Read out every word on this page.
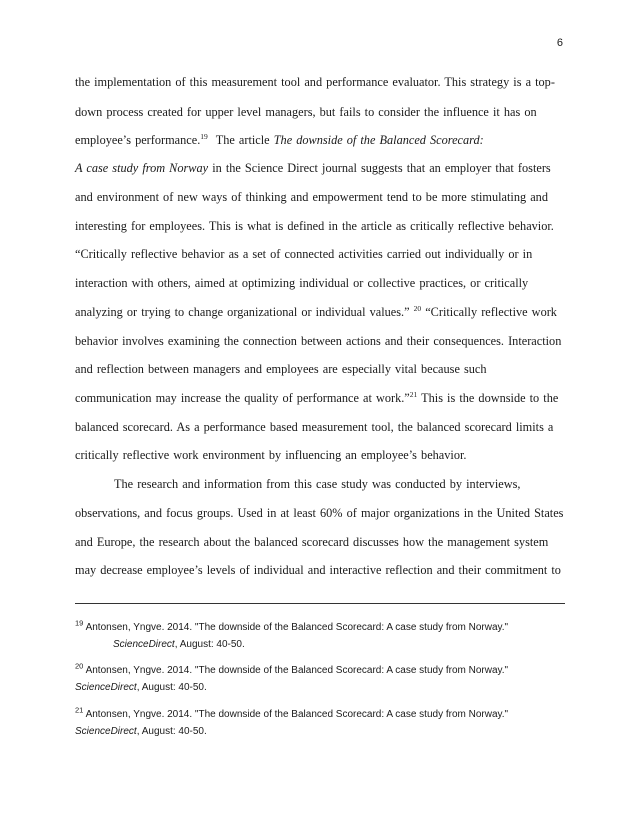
6
the implementation of this measurement tool and performance evaluator. This strategy is a top-
down process created for upper level managers, but fails to consider the influence it has on
employee’s performance.$^{19}$  The article The downside of the Balanced Scorecard:
A case study from Norway in the Science Direct journal suggests that an employer that fosters
and environment of new ways of thinking and empowerment tend to be more stimulating and
interesting for employees. This is what is defined in the article as critically reflective behavior.
“Critically reflective behavior as a set of connected activities carried out individually or in
interaction with others, aimed at optimizing individual or collective practices, or critically
analyzing or trying to change organizational or individual values.” $^{20}$ “Critically reflective work
behavior involves examining the connection between actions and their consequences. Interaction
and reflection between managers and employees are especially vital because such
communication may increase the quality of performance at work.”$^{21}$ This is the downside to the
balanced scorecard. As a performance based measurement tool, the balanced scorecard limits a
critically reflective work environment by influencing an employee’s behavior.
The research and information from this case study was conducted by interviews,
observations, and focus groups. Used in at least 60% of major organizations in the United States
and Europe, the research about the balanced scorecard discusses how the management system
may decrease employee’s levels of individual and interactive reflection and their commitment to
$^{19}$ Antonsen, Yngve. 2014. "The downside of the Balanced Scorecard: A case study from Norway."
ScienceDirect, August: 40-50.
$^{20}$ Antonsen, Yngve. 2014. "The downside of the Balanced Scorecard: A case study from Norway."
ScienceDirect, August: 40-50.
$^{21}$ Antonsen, Yngve. 2014. "The downside of the Balanced Scorecard: A case study from Norway."
ScienceDirect, August: 40-50.
